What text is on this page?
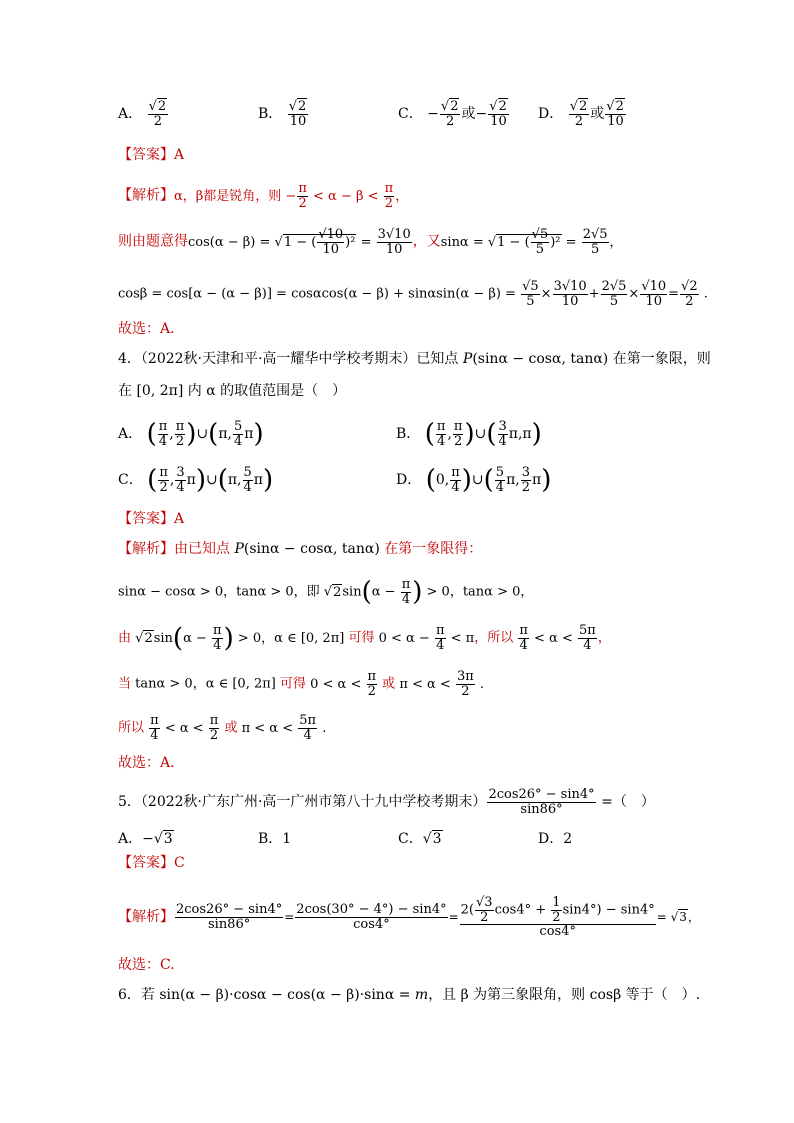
A． $\frac{√2}{2}$	B． $\frac{√2}{10}$	C． − $\frac{√2}{2}$ 或− $\frac{√2}{10}$ D． $\frac{√2}{2}$ 或 $\frac{√2}{10}$
【答案】A
【解析】α，β都是锐角，则 − $\frac{\pi}{2} < \alpha - \beta < \frac{\pi}{2}$ ，
则由题意得cos(α − β) = √1 − ( $\frac{√10}{10} )^2 = \frac{3√10}{10}$ ，又sinα = √1 − ( $\frac{√5}{5} )^2 = \frac{2√5}{5}$ ，
$\cos\beta = \cos[\alpha - (\alpha - \beta)] = \cos\alpha\cos(\alpha - \beta) + \sin\alpha\sin(\alpha - \beta) = \frac{√5}{5} \times \frac{3√10}{10} + \frac{2√5}{5} \times \frac{√10}{10} = \frac{√2}{2}$ .
故选：A．
4．（2022秋·天津和平·高一耀华中学校考期末）已知点 P(sinα − cosα, tanα) 在第一象限，则
在 [0, 2π] 内 α 的取值范围是（　）
A． ( $\frac{\pi}{4}$ , $\frac{\pi}{2}$ )∪(π, $\frac{5}{4} \pi$)	B． ( $\frac{\pi}{4}$ , $\frac{\pi}{2}$ )∪( $\frac{3}{4} \pi,\pi$)
C． ( $\frac{\pi}{2}$ , $\frac{3}{4}$ π)∪(π, $\frac{5}{4} \pi$)	D． (0, $\frac{\pi}{4}$ )∪( $\frac{5}{4} \pi$, $\frac{3}{2} \pi$)
【答案】A
【解析】由已知点 P(sinα − cosα, tanα) 在第一象限得：
sinα − cosα > 0，tanα > 0，即 $√2\sin(\alpha - \frac{\pi}{4}$ ) > 0，tanα > 0，
由 $√2\sin(\alpha - \frac{\pi}{4}$ ) > 0，α ∈ [0, 2π] 可得 $0 < \alpha - \frac{\pi}{4} < \pi$，所以 $\frac{\pi}{4} < \alpha < \frac{5\pi}{4}$ ，
当 tanα > 0，α ∈ [0, 2π] 可得 $0 < \alpha < \frac{\pi}{2}$ 或 $\pi < \alpha < \frac{3\pi}{2}$ .
所以 $\frac{\pi}{4} < \alpha < \frac{\pi}{2}$ 或 $\pi < \alpha < \frac{5\pi}{4}$ .
故选：A．
5．（2022秋·广东广州·高一广州市第八十九中学校考期末） $\frac{2\cos 26^\circ - \sin 4^\circ}{\sin 86^\circ}$ =（　）
A．−√3	B．1	C．√3	D．2
【答案】C
【解析】 $\frac{2\cos 26^\circ - \sin 4^\circ}{\sin 86^\circ} = \frac{2\cos(30^\circ - 4^\circ) - \sin 4^\circ}{\cos 4^\circ} = \frac{2( \frac{√3}{2} \cos 4^\circ + \frac{1}{2} \sin 4^\circ) - \sin 4^\circ}{\cos 4^\circ} = √3$，
故选：C.
6．若 sin(α − β)·cosα − cos(α − β)·sinα = m，且 β 为第三象限角，则 cosβ 等于（　）.
